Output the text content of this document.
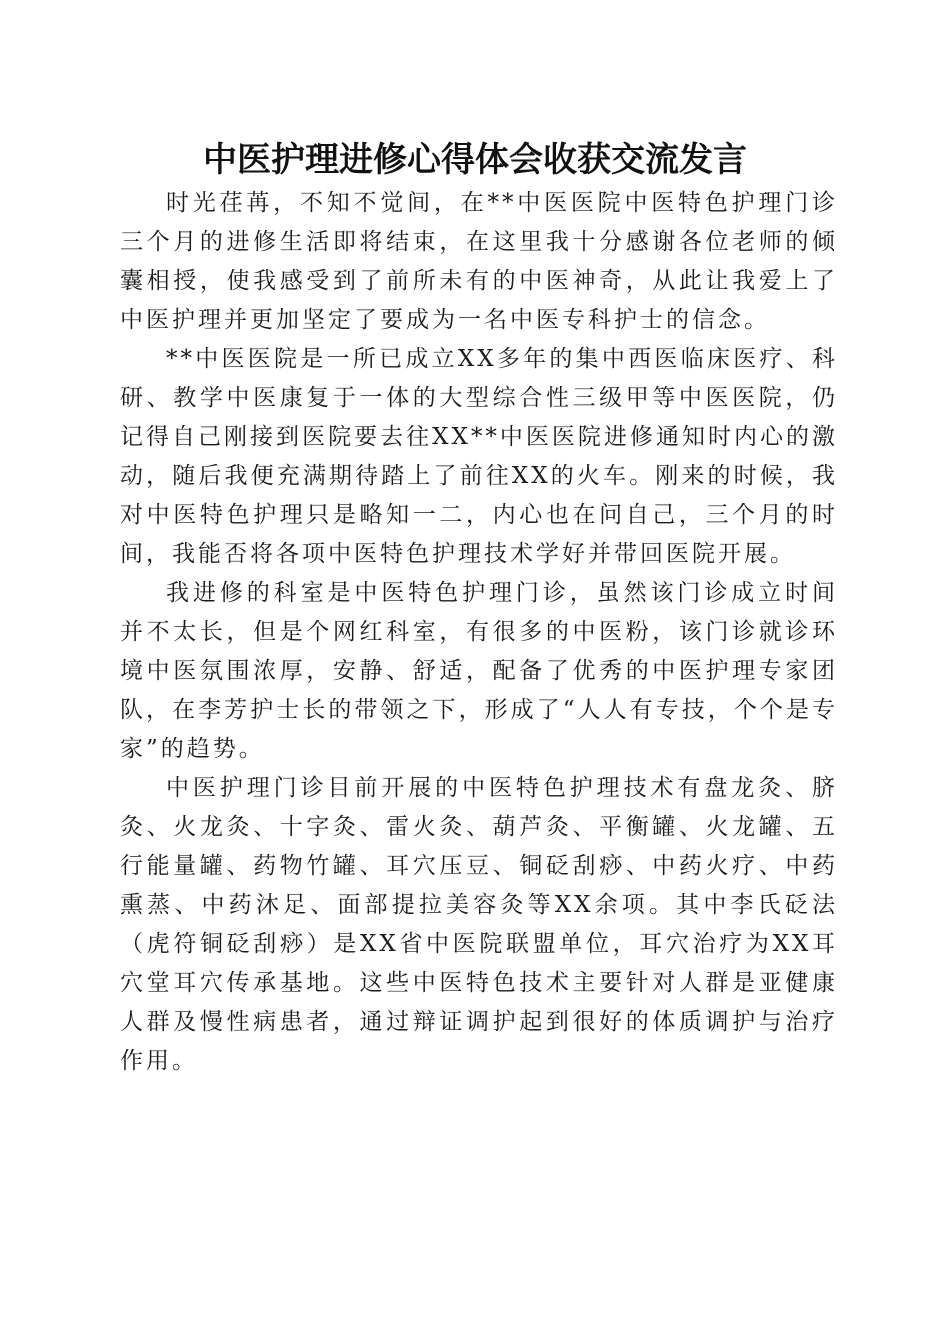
中医护理进修心得体会收获交流发言

时光荏苒，不知不觉间，在**中医医院中医特色护理门诊三个月的进修生活即将结束，在这里我十分感谢各位老师的倾囊相授，使我感受到了前所未有的中医神奇，从此让我爱上了中医护理并更加坚定了要成为一名中医专科护士的信念。

**中医医院是一所已成立XX多年的集中西医临床医疗、科研、教学中医康复于一体的大型综合性三级甲等中医医院，仍记得自己刚接到医院要去往XX**中医医院进修通知时内心的激动，随后我便充满期待踏上了前往XX的火车。刚来的时候，我对中医特色护理只是略知一二，内心也在问自己，三个月的时间，我能否将各项中医特色护理技术学好并带回医院开展。

我进修的科室是中医特色护理门诊，虽然该门诊成立时间并不太长，但是个网红科室，有很多的中医粉，该门诊就诊环境中医氛围浓厚，安静、舒适，配备了优秀的中医护理专家团队，在李芳护士长的带领之下，形成了“人人有专技，个个是专家”的趋势。

中医护理门诊目前开展的中医特色护理技术有盘龙灸、脐灸、火龙灸、十字灸、雷火灸、葫芦灸、平衡罐、火龙罐、五行能量罐、药物竹罐、耳穴压豆、铜砭刮痧、中药火疗、中药熏蒸、中药沐足、面部提拉美容灸等XX余项。其中李氏砭法（虎符铜砭刮痧）是XX省中医院联盟单位，耳穴治疗为XX耳穴堂耳穴传承基地。这些中医特色技术主要针对人群是亚健康人群及慢性病患者，通过辩证调护起到很好的体质调护与治疗作用。
